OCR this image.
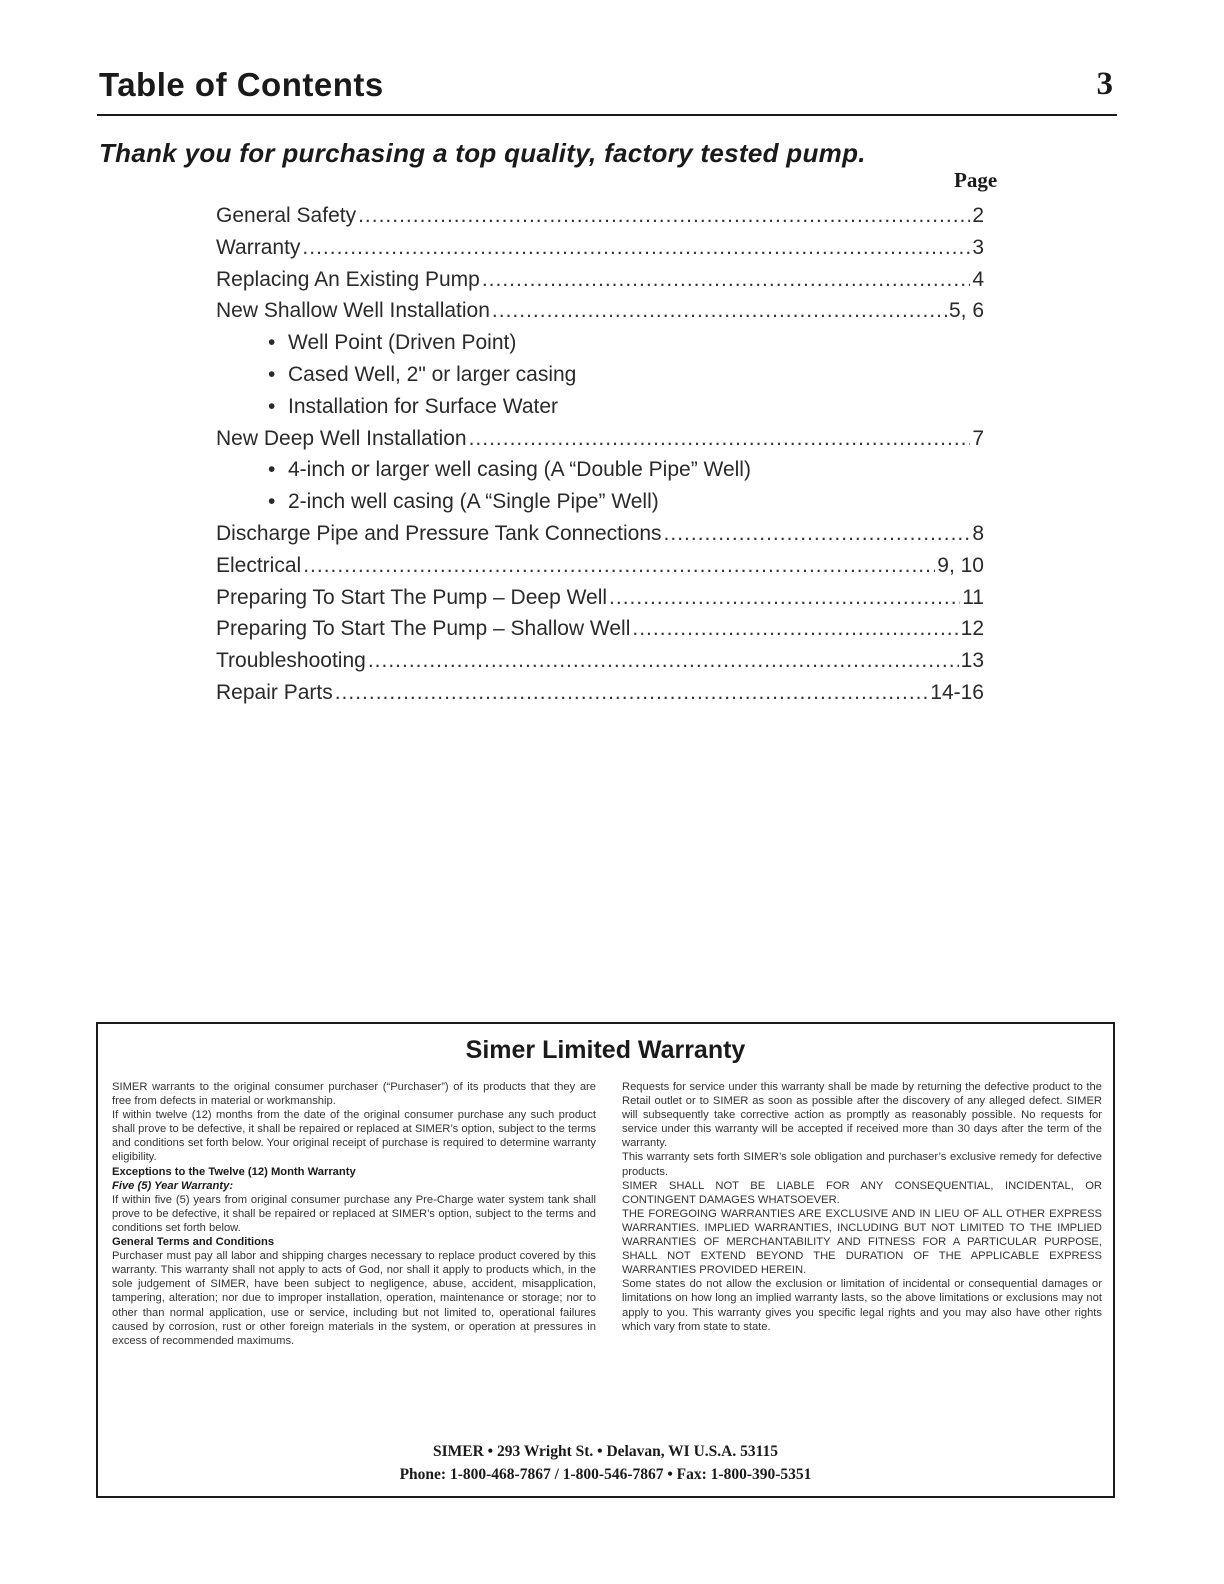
Table of Contents	3
Thank you for purchasing a top quality, factory tested pump.
Page
General Safety .....	2
Warranty .....	3
Replacing An Existing Pump .....	4
New Shallow Well Installation .....	5, 6
• Well Point (Driven Point)
• Cased Well, 2" or larger casing
• Installation for Surface Water
New Deep Well Installation .....	7
• 4-inch or larger well casing (A “Double Pipe” Well)
• 2-inch well casing (A “Single Pipe” Well)
Discharge Pipe and Pressure Tank Connections .....	8
Electrical .....	9, 10
Preparing To Start The Pump – Deep Well .....	11
Preparing To Start The Pump – Shallow Well .....	12
Troubleshooting .....	13
Repair Parts .....	14-16
Simer Limited Warranty

SIMER warrants to the original consumer purchaser (“Purchaser”) of its products that they are free from defects in material or workmanship.

If within twelve (12) months from the date of the original consumer purchase any such product shall prove to be defective, it shall be repaired or replaced at SIMER’s option, subject to the terms and conditions set forth below. Your original receipt of purchase is required to determine warranty eligibility.

Exceptions to the Twelve (12) Month Warranty

Five (5) Year Warranty:

If within five (5) years from original consumer purchase any Pre-Charge water system tank shall prove to be defective, it shall be repaired or replaced at SIMER’s option, subject to the terms and conditions set forth below.

General Terms and Conditions

Purchaser must pay all labor and shipping charges necessary to replace product covered by this warranty. This warranty shall not apply to acts of God, nor shall it apply to products which, in the sole judgement of SIMER, have been subject to negligence, abuse, accident, misapplication, tampering, alteration; nor due to improper installation, operation, maintenance or storage; nor to other than normal application, use or service, including but not limited to, operational failures caused by corrosion, rust or other foreign materials in the system, or operation at pressures in excess of recommended maximums.

Requests for service under this warranty shall be made by returning the defective product to the Retail outlet or to SIMER as soon as possible after the discovery of any alleged defect. SIMER will subsequently take corrective action as promptly as reasonably possible. No requests for service under this warranty will be accepted if received more than 30 days after the term of the warranty.

This warranty sets forth SIMER’s sole obligation and purchaser’s exclusive remedy for defective products.

SIMER SHALL NOT BE LIABLE FOR ANY CONSEQUENTIAL, INCIDENTAL, OR CONTINGENT DAMAGES WHATSOEVER.

THE FOREGOING WARRANTIES ARE EXCLUSIVE AND IN LIEU OF ALL OTHER EXPRESS WARRANTIES. IMPLIED WARRANTIES, INCLUDING BUT NOT LIMITED TO THE IMPLIED WARRANTIES OF MERCHANTABILITY AND FITNESS FOR A PARTICULAR PURPOSE, SHALL NOT EXTEND BEYOND THE DURATION OF THE APPLICABLE EXPRESS WARRANTIES PROVIDED HEREIN.

Some states do not allow the exclusion or limitation of incidental or consequential damages or limitations on how long an implied warranty lasts, so the above limitations or exclusions may not apply to you. This warranty gives you specific legal rights and you may also have other rights which vary from state to state.

SIMER • 293 Wright St. • Delavan, WI U.S.A. 53115
Phone: 1-800-468-7867 / 1-800-546-7867 • Fax: 1-800-390-5351
